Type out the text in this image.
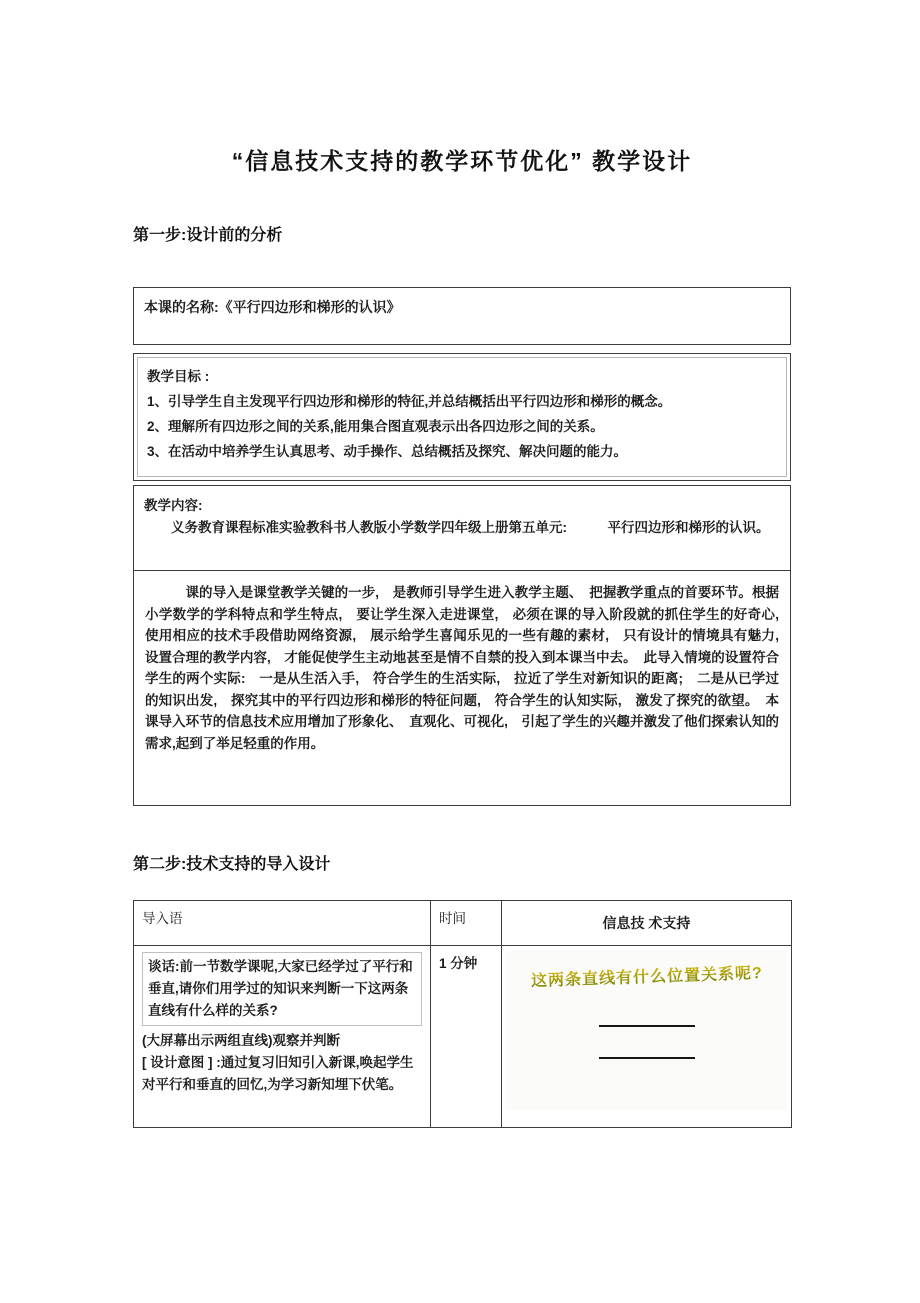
“信息技术支持的教学环节优化” 教学设计
第一步:设计前的分析

本课的名称:《平行四边形和梯形的认识》

教学目标 :

1、引导学生自主发现平行四边形和梯形的特征,并总结概括出平行四边形和梯形的概念。

2、理解所有四边形之间的关系,能用集合图直观表示出各四边形之间的关系。

3、在活动中培养学生认真思考、动手操作、总结概括及探究、解决问题的能力。

教学内容:

　　义务教育课程标准实验教科书人教版小学数学四年级上册第五单元:　　　平行四边形和梯形的认识。

课的导入是课堂教学关键的一步,　是教师引导学生进入教学主题、　把握教学重点的首要环节。根据小学数学的学科特点和学生特点,　要让学生深入走进课堂,　必须在课的导入阶段就的抓住学生的好奇心,　使用相应的技术手段借助网络资源,　展示给学生喜闻乐见的一些有趣的素材,　只有设计的情境具有魅力,　设置合理的教学内容,　才能促使学生主动地甚至是情不自禁的投入到本课当中去。　此导入情境的设置符合学生的两个实际:　一是从生活入手,　符合学生的生活实际,　拉近了学生对新知识的距离;　二是从已学过的知识出发,　探究其中的平行四边形和梯形的特征问题,　符合学生的认知实际,　激发了探究的欲望。　本课导入环节的信息技术应用增加了形象化、　直观化、可视化,　引起了学生的兴趣并激发了他们探索认知的需求,起到了举足轻重的作用。

第二步:技术支持的导入设计
导入语	时间	信息技 术支持

谈话:前一节数学课呢,大家已经学过了平行和垂直,请你们用学过的知识来判断一下这两条直线有什么样的关系?
(大屏幕出示两组直线)观察并判断
[ 设计意图 ] :通过复习旧知引入新课,唤起学生对平行和垂直的回忆,为学习新知埋下伏笔。	1 分钟	这两条直线有什么位置关系呢?
